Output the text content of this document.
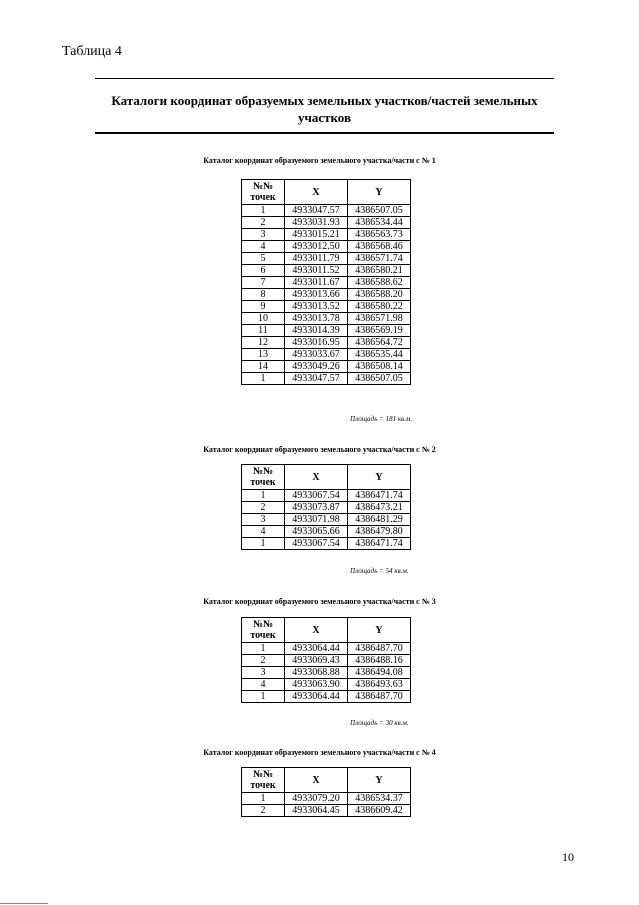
Таблица 4
Каталоги координат образуемых земельных участков/частей земельных участков
Каталог координат образуемого земельного участка/части с № 1
№№ точек	X	Y
1	4933047.57	4386507.05
2	4933031.93	4386534.44
3	4933015.21	4386563.73
4	4933012.50	4386568.46
5	4933011.79	4386571.74
6	4933011.52	4386580.21
7	4933011.67	4386588.62
8	4933013.66	4386588.20
9	4933013.52	4386580.22
10	4933013.78	4386571.98
11	4933014.39	4386569.19
12	4933016.95	4386564.72
13	4933033.67	4386535.44
14	4933049.26	4386508.14
1	4933047.57	4386507.05
Площадь = 181 кв.м.
Каталог координат образуемого земельного участка/части с № 2
№№ точек	X	Y
1	4933067.54	4386471.74
2	4933073.87	4386473.21
3	4933071.98	4386481.29
4	4933065.66	4386479.80
1	4933067.54	4386471.74
Площадь = 54 кв.м.
Каталог координат образуемого земельного участка/части с № 3
№№ точек	X	Y
1	4933064.44	4386487.70
2	4933069.43	4386488.16
3	4933068.88	4386494.08
4	4933063.90	4386493.63
1	4933064.44	4386487.70
Площадь = 30 кв.м.
Каталог координат образуемого земельного участка/части с № 4
№№ точек	X	Y
1	4933079.20	4386534.37
2	4933064.45	4386609.42
10
